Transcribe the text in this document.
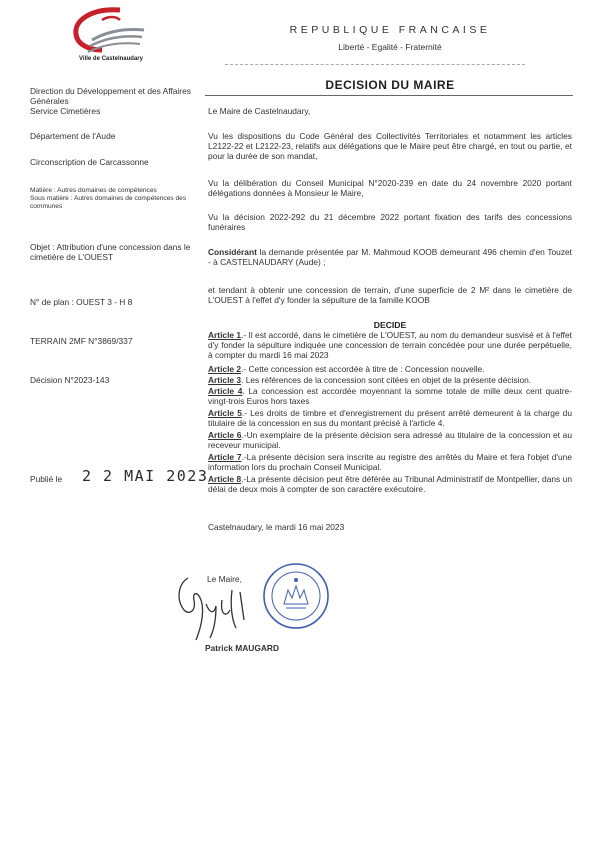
Ville de Castelnaudary
REPUBLIQUE FRANCAISE
Liberté - Egalité - Fraternité
DECISION DU MAIRE
Direction du Développement et des Affaires Générales
Service Cimetières
Département de l'Aude
Circonscription de Carcassonne
Matière : Autres domaines de compétences
Sous matière : Autres domaines de compétences des communes
Objet : Attribution d'une concession dans le cimetière de L'OUEST
N° de plan : OUEST 3 - H 8
TERRAIN 2MF N°3869/337
Décision N°2023-143
Publié le 2 2 MAI 2023
Le Maire de Castelnaudary,
Vu les dispositions du Code Général des Collectivités Territoriales et notamment les articles L2122-22 et L2122-23, relatifs aux délégations que le Maire peut être chargé, en tout ou partie, et pour la durée de son mandat,
Vu la délibération du Conseil Municipal N°2020-239 en date du 24 novembre 2020 portant délégations données à Monsieur le Maire,
Vu la décision 2022-292 du 21 décembre 2022 portant fixation des tarifs des concessions funéraires
Considérant la demande présentée par M. Mahmoud KOOB demeurant 496 chemin d'en Touzet - à CASTELNAUDARY (Aude) ;
et tendant à obtenir une concession de terrain, d'une superficie de 2 M² dans le cimetière de L'OUEST à l'effet d'y fonder la sépulture de la famille KOOB
DECIDE
Article 1.- Il est accordé, dans le cimetière de L'OUEST, au nom du demandeur susvisé et à l'effet d'y fonder la sépulture indiquée une concession de terrain concédée pour une durée perpétuelle, à compter du mardi 16 mai 2023
Article 2.- Cette concession est accordée à titre de : Concession nouvelle.
Article 3. Les références de la concession sont citées en objet de la présente décision.
Article 4. La concession est accordée moyennant la somme totale de mille deux cent quatre-vingt-trois Euros hors taxes
Article 5.- Les droits de timbre et d'enregistrement du présent arrêté demeurent à la charge du titulaire de la concession en sus du montant précisé à l'article 4.
Article 6.-Un exemplaire de la présente décision sera adressé au titulaire de la concession et au receveur municipal.
Article 7.-La présente décision sera inscrite au registre des arrêtés du Maire et fera l'objet d'une information lors du prochain Conseil Municipal.
Article 8.-La présente décision peut être déférée au Tribunal Administratif de Montpellier, dans un délai de deux mois à compter de son caractère exécutoire.
Castelnaudary, le mardi 16 mai 2023
Le Maire,
Patrick MAUGARD
